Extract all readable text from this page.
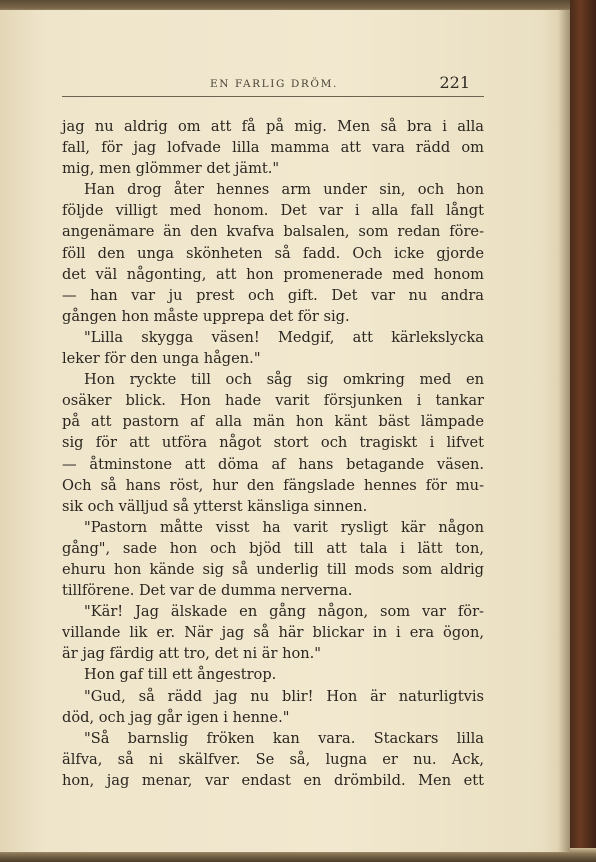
EN FARLIG DRÖM.	221
jag nu aldrig om att få på mig. Men så bra i alla
fall, för jag lofvade lilla mamma att vara rädd om
mig, men glömmer det jämt."
Han drog åter hennes arm under sin, och hon
följde villigt med honom. Det var i alla fall långt
angenämare än den kvafva balsalen, som redan före-
föll den unga skönheten så fadd. Och icke gjorde
det väl någonting, att hon promenerade med honom
— han var ju prest och gift. Det var nu andra
gången hon måste upprepa det för sig.
"Lilla skygga väsen! Medgif, att kärlekslycka
leker för den unga hågen."
Hon ryckte till och såg sig omkring med en
osäker blick. Hon hade varit försjunken i tankar
på att pastorn af alla män hon känt bäst lämpade
sig för att utföra något stort och tragiskt i lifvet
— åtminstone att döma af hans betagande väsen.
Och så hans röst, hur den fängslade hennes för mu-
sik och välljud så ytterst känsliga sinnen.
"Pastorn måtte visst ha varit rysligt kär någon
gång", sade hon och bjöd till att tala i lätt ton,
ehuru hon kände sig så underlig till mods som aldrig
tillförene. Det var de dumma nerverna.
"Kär! Jag älskade en gång någon, som var för-
villande lik er. När jag så här blickar in i era ögon,
är jag färdig att tro, det ni är hon."
Hon gaf till ett ångestrop.
"Gud, så rädd jag nu blir! Hon är naturligtvis
död, och jag går igen i henne."
"Så barnslig fröken kan vara. Stackars lilla
älfva, så ni skälfver. Se så, lugna er nu. Ack,
hon, jag menar, var endast en drömbild. Men ett
